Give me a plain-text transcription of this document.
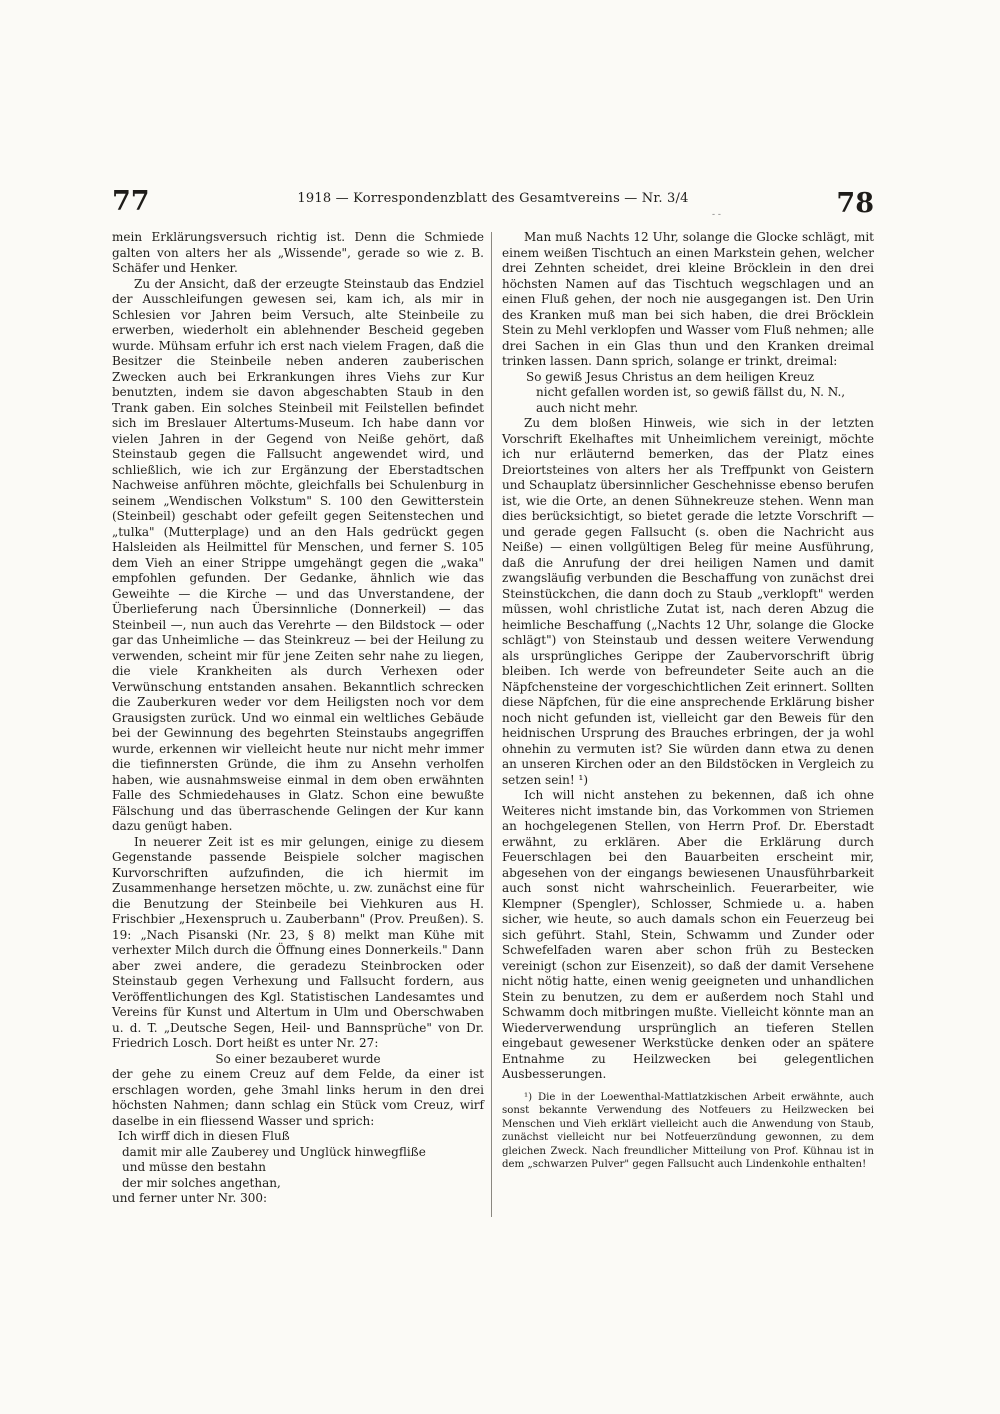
77	1918 — Korrespondenzblatt des Gesamtvereins — Nr. 3/4	78
- -

mein Erklärungsversuch richtig ist. Denn die Schmiede galten von alters her als „Wissende", gerade so wie z. B. Schäfer und Henker.

Zu der Ansicht, daß der erzeugte Steinstaub das Endziel der Ausschleifungen gewesen sei, kam ich, als mir in Schlesien vor Jahren beim Versuch, alte Steinbeile zu erwerben, wiederholt ein ablehnender Bescheid gegeben wurde. Mühsam erfuhr ich erst nach vielem Fragen, daß die Besitzer die Steinbeile neben anderen zauberischen Zwecken auch bei Erkrankungen ihres Viehs zur Kur benutzten, indem sie davon abgeschabten Staub in den Trank gaben. Ein solches Steinbeil mit Feilstellen befindet sich im Breslauer Altertums-Museum. Ich habe dann vor vielen Jahren in der Gegend von Neiße gehört, daß Steinstaub gegen die Fallsucht angewendet wird, und schließlich, wie ich zur Ergänzung der Eberstadtschen Nachweise anführen möchte, gleichfalls bei Schulenburg in seinem „Wendischen Volkstum" S. 100 den Gewitterstein (Steinbeil) geschabt oder gefeilt gegen Seitenstechen und „tulka" (Mutterplage) und an den Hals gedrückt gegen Halsleiden als Heilmittel für Menschen, und ferner S. 105 dem Vieh an einer Strippe umgehängt gegen die „waka" empfohlen gefunden. Der Gedanke, ähnlich wie das Geweihte — die Kirche — und das Unverstandene, der Überlieferung nach Übersinnliche (Donnerkeil) — das Steinbeil —, nun auch das Verehrte — den Bildstock — oder gar das Unheimliche — das Steinkreuz — bei der Heilung zu verwenden, scheint mir für jene Zeiten sehr nahe zu liegen, die viele Krankheiten als durch Verhexen oder Verwünschung entstanden ansahen. Bekanntlich schrecken die Zauberkuren weder vor dem Heiligsten noch vor dem Grausigsten zurück. Und wo einmal ein weltliches Gebäude bei der Gewinnung des begehrten Steinstaubs angegriffen wurde, erkennen wir vielleicht heute nur nicht mehr immer die tiefinnersten Gründe, die ihm zu Ansehn verholfen haben, wie ausnahmsweise einmal in dem oben erwähnten Falle des Schmiedehauses in Glatz. Schon eine bewußte Fälschung und das überraschende Gelingen der Kur kann dazu genügt haben.

In neuerer Zeit ist es mir gelungen, einige zu diesem Gegenstande passende Beispiele solcher magischen Kurvorschriften aufzufinden, die ich hiermit im Zusammenhange hersetzen möchte, u. zw. zunächst eine für die Benutzung der Steinbeile bei Viehkuren aus H. Frischbier „Hexenspruch u. Zauberbann" (Prov. Preußen). S. 19: „Nach Pisanski (Nr. 23, § 8) melkt man Kühe mit verhexter Milch durch die Öffnung eines Donnerkeils." Dann aber zwei andere, die geradezu Steinbrocken oder Steinstaub gegen Verhexung und Fallsucht fordern, aus Veröffentlichungen des Kgl. Statistischen Landesamtes und Vereins für Kunst und Altertum in Ulm und Oberschwaben u. d. T. „Deutsche Segen, Heil- und Bannsprüche" von Dr. Friedrich Losch. Dort heißt es unter Nr. 27:

So einer bezauberet wurde

der gehe zu einem Creuz auf dem Felde, da einer ist erschlagen worden, gehe 3mahl links herum in den drei höchsten Nahmen; dann schlag ein Stück vom Creuz, wirf daselbe in ein fliessend Wasser und sprich:

Ich wirff dich in diesen Fluß
damit mir alle Zauberey und Unglück hinwegfliße
und müsse den bestahn
der mir solches angethan,

und ferner unter Nr. 300:

Man muß Nachts 12 Uhr, solange die Glocke schlägt, mit einem weißen Tischtuch an einen Markstein gehen, welcher drei Zehnten scheidet, drei kleine Bröcklein in den drei höchsten Namen auf das Tischtuch wegschlagen und an einen Fluß gehen, der noch nie ausgegangen ist. Den Urin des Kranken muß man bei sich haben, die drei Bröcklein Stein zu Mehl verklopfen und Wasser vom Fluß nehmen; alle drei Sachen in ein Glas thun und den Kranken dreimal trinken lassen. Dann sprich, solange er trinkt, dreimal:

So gewiß Jesus Christus an dem heiligen Kreuz
nicht gefallen worden ist, so gewiß fällst du, N. N.,
auch nicht mehr.

Zu dem bloßen Hinweis, wie sich in der letzten Vorschrift Ekelhaftes mit Unheimlichem vereinigt, möchte ich nur erläuternd bemerken, das der Platz eines Dreiortsteines von alters her als Treffpunkt von Geistern und Schauplatz übersinnlicher Geschehnisse ebenso berufen ist, wie die Orte, an denen Sühnekreuze stehen. Wenn man dies berücksichtigt, so bietet gerade die letzte Vorschrift — und gerade gegen Fallsucht (s. oben die Nachricht aus Neiße) — einen vollgültigen Beleg für meine Ausführung, daß die Anrufung der drei heiligen Namen und damit zwangsläufig verbunden die Beschaffung von zunächst drei Steinstückchen, die dann doch zu Staub „verklopft" werden müssen, wohl christliche Zutat ist, nach deren Abzug die heimliche Beschaffung („Nachts 12 Uhr, solange die Glocke schlägt") von Steinstaub und dessen weitere Verwendung als ursprüngliches Gerippe der Zaubervorschrift übrig bleiben. Ich werde von befreundeter Seite auch an die Näpfchensteine der vorgeschichtlichen Zeit erinnert. Sollten diese Näpfchen, für die eine ansprechende Erklärung bisher noch nicht gefunden ist, vielleicht gar den Beweis für den heidnischen Ursprung des Brauches erbringen, der ja wohl ohnehin zu vermuten ist? Sie würden dann etwa zu denen an unseren Kirchen oder an den Bildstöcken in Vergleich zu setzen sein! ¹)

Ich will nicht anstehen zu bekennen, daß ich ohne Weiteres nicht imstande bin, das Vorkommen von Striemen an hochgelegenen Stellen, von Herrn Prof. Dr. Eberstadt erwähnt, zu erklären. Aber die Erklärung durch Feuerschlagen bei den Bauarbeiten erscheint mir, abgesehen von der eingangs bewiesenen Unausführbarkeit auch sonst nicht wahrscheinlich. Feuerarbeiter, wie Klempner (Spengler), Schlosser, Schmiede u. a. haben sicher, wie heute, so auch damals schon ein Feuerzeug bei sich geführt. Stahl, Stein, Schwamm und Zunder oder Schwefelfaden waren aber schon früh zu Bestecken vereinigt (schon zur Eisenzeit), so daß der damit Versehene nicht nötig hatte, einen wenig geeigneten und unhandlichen Stein zu benutzen, zu dem er außerdem noch Stahl und Schwamm doch mitbringen mußte. Vielleicht könnte man an Wiederverwendung ursprünglich an tieferen Stellen eingebaut gewesener Werkstücke denken oder an spätere Entnahme zu Heilzwecken bei gelegentlichen Ausbesserungen.

¹) Die in der Loewenthal-Mattlatzkischen Arbeit erwähnte, auch sonst bekannte Verwendung des Notfeuers zu Heilzwecken bei Menschen und Vieh erklärt vielleicht auch die Anwendung von Staub, zunächst vielleicht nur bei Notfeuerzündung gewonnen, zu dem gleichen Zweck. Nach freundlicher Mitteilung von Prof. Kühnau ist in dem „schwarzen Pulver" gegen Fallsucht auch Lindenkohle enthalten!
